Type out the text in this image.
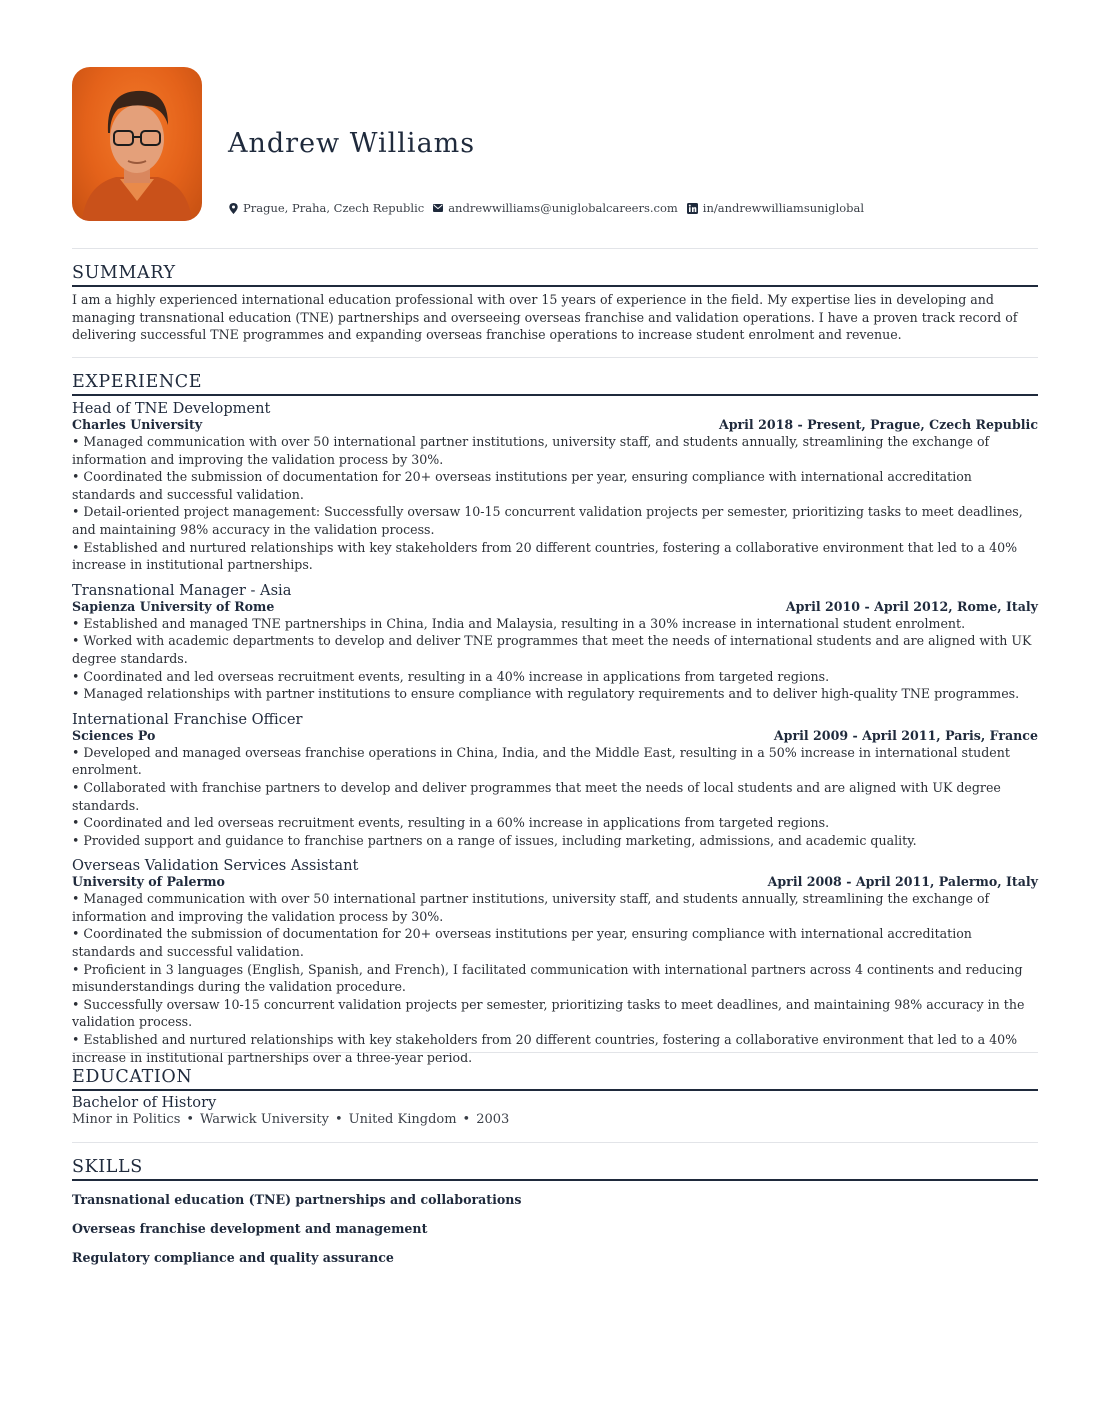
Andrew Williams
Prague, Praha, Czech Republic andrewwilliams@uniglobalcareers.com in/andrewwilliamsuniglobal
SUMMARY

I am a highly experienced international education professional with over 15 years of experience in the field. My expertise lies in developing and managing transnational education (TNE) partnerships and overseeing overseas franchise and validation operations. I have a proven track record of delivering successful TNE programmes and expanding overseas franchise operations to increase student enrolment and revenue.

EXPERIENCE
Head of TNE Development
Charles University	April 2018 - Present, Prague, Czech Republic
• Managed communication with over 50 international partner institutions, university staff, and students annually, streamlining the exchange of information and improving the validation process by 30%.
• Coordinated the submission of documentation for 20+ overseas institutions per year, ensuring compliance with international accreditation standards and successful validation.
• Detail-oriented project management: Successfully oversaw 10-15 concurrent validation projects per semester, prioritizing tasks to meet deadlines, and maintaining 98% accuracy in the validation process.
• Established and nurtured relationships with key stakeholders from 20 different countries, fostering a collaborative environment that led to a 40% increase in institutional partnerships.
Transnational Manager - Asia
Sapienza University of Rome	April 2010 - April 2012, Rome, Italy
• Established and managed TNE partnerships in China, India and Malaysia, resulting in a 30% increase in international student enrolment.
• Worked with academic departments to develop and deliver TNE programmes that meet the needs of international students and are aligned with UK degree standards.
• Coordinated and led overseas recruitment events, resulting in a 40% increase in applications from targeted regions.
• Managed relationships with partner institutions to ensure compliance with regulatory requirements and to deliver high-quality TNE programmes.
International Franchise Officer
Sciences Po	April 2009 - April 2011, Paris, France
• Developed and managed overseas franchise operations in China, India, and the Middle East, resulting in a 50% increase in international student enrolment.
• Collaborated with franchise partners to develop and deliver programmes that meet the needs of local students and are aligned with UK degree standards.
• Coordinated and led overseas recruitment events, resulting in a 60% increase in applications from targeted regions.
• Provided support and guidance to franchise partners on a range of issues, including marketing, admissions, and academic quality.
Overseas Validation Services Assistant
University of Palermo	April 2008 - April 2011, Palermo, Italy
• Managed communication with over 50 international partner institutions, university staff, and students annually, streamlining the exchange of information and improving the validation process by 30%.
• Coordinated the submission of documentation for 20+ overseas institutions per year, ensuring compliance with international accreditation standards and successful validation.
• Proficient in 3 languages (English, Spanish, and French), I facilitated communication with international partners across 4 continents and reducing misunderstandings during the validation procedure.
• Successfully oversaw 10-15 concurrent validation projects per semester, prioritizing tasks to meet deadlines, and maintaining 98% accuracy in the validation process.
• Established and nurtured relationships with key stakeholders from 20 different countries, fostering a collaborative environment that led to a 40% increase in institutional partnerships over a three-year period.
EDUCATION
Bachelor of History
Minor in Politics • Warwick University • United Kingdom • 2003
SKILLS
Transnational education (TNE) partnerships and collaborations
Overseas franchise development and management
Regulatory compliance and quality assurance
